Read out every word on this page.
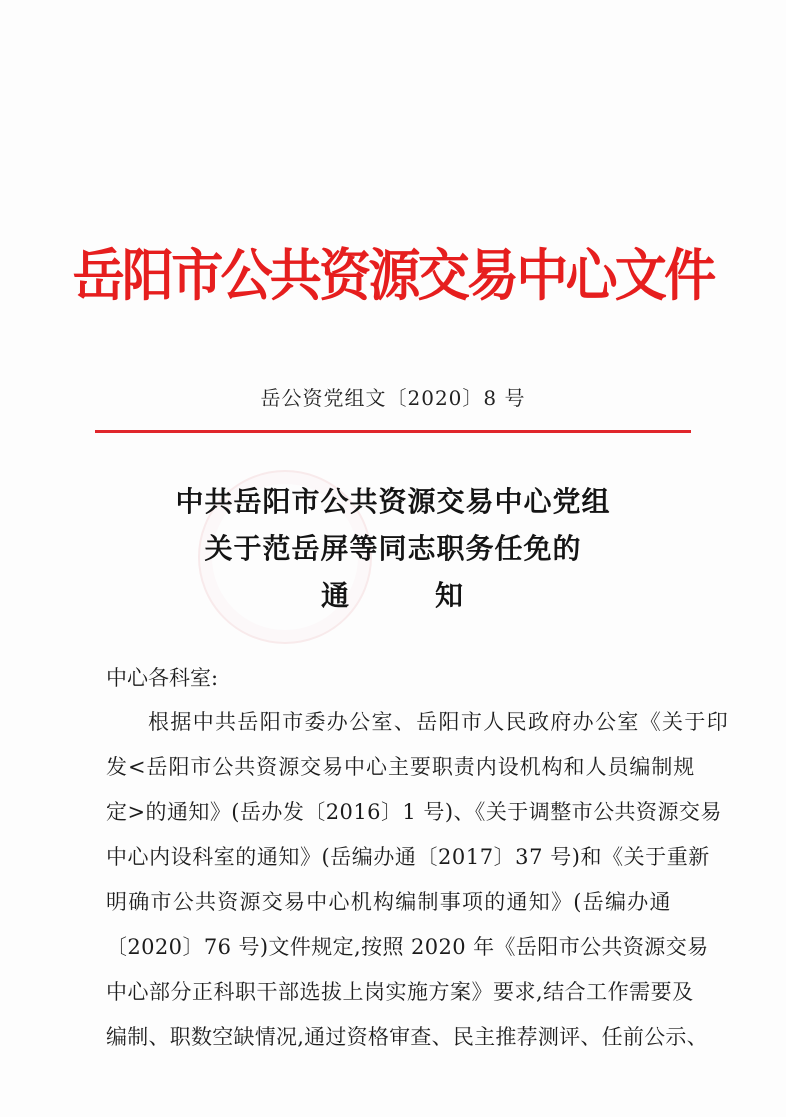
岳阳市公共资源交易中心文件
岳公资党组文〔2020〕8 号
中共岳阳市公共资源交易中心党组
关于范岳屏等同志职务任免的
通	知
中心各科室:
根据中共岳阳市委办公室、岳阳市人民政府办公室《关于印
发<岳阳市公共资源交易中心主要职责内设机构和人员编制规
定>的通知》(岳办发〔2016〕1 号)、《关于调整市公共资源交易
中心内设科室的通知》(岳编办通〔2017〕37 号)和《关于重新
明确市公共资源交易中心机构编制事项的通知》(岳编办通
〔2020〕76 号)文件规定,按照 2020 年《岳阳市公共资源交易
中心部分正科职干部选拔上岗实施方案》要求,结合工作需要及
编制、职数空缺情况,通过资格审查、民主推荐测评、任前公示、
